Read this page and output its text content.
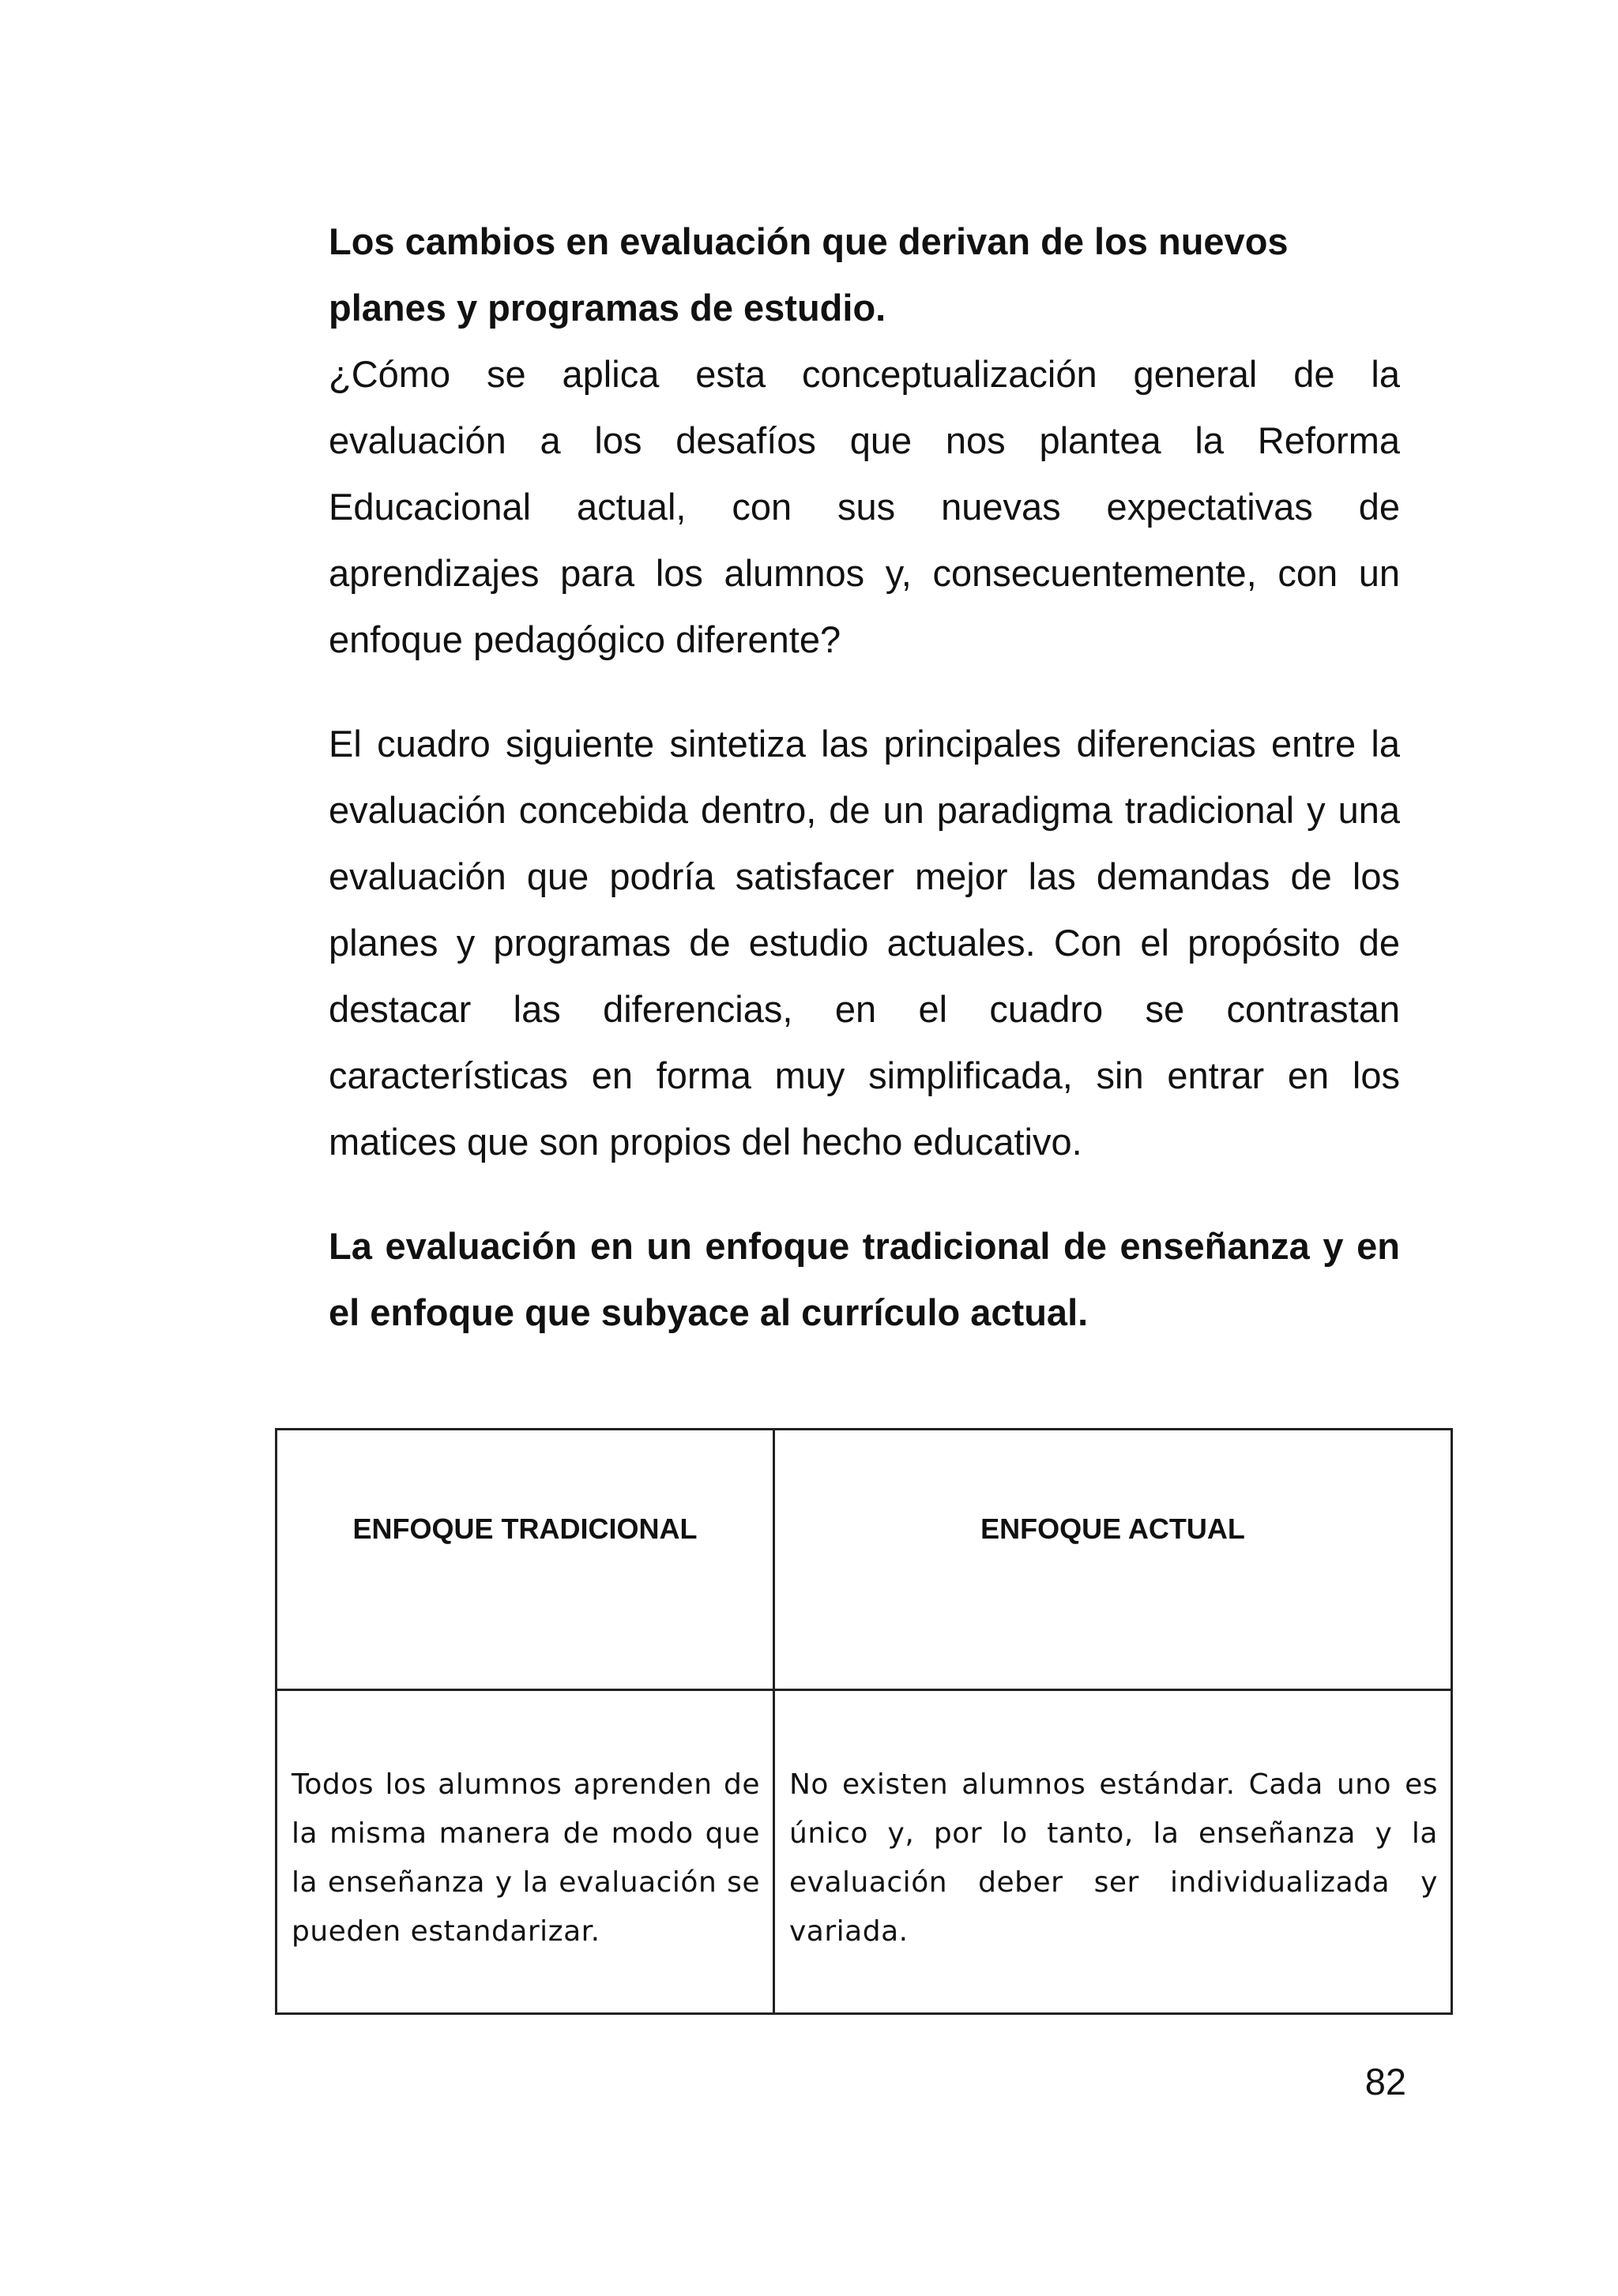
Los cambios en evaluación que derivan de los nuevos planes y programas de estudio.

¿Cómo se aplica esta conceptualización general de la evaluación a los desafíos que nos plantea la Reforma Educacional actual, con sus nuevas expectativas de aprendizajes para los alumnos y, consecuentemente, con un enfoque pedagógico diferente?

El cuadro siguiente sintetiza las principales diferencias entre la evaluación concebida dentro, de un paradigma tradicional y una evaluación que podría satisfacer mejor las demandas de los planes y programas de estudio actuales. Con el propósito de destacar las diferencias, en el cuadro se contrastan características en forma muy simplificada, sin entrar en los matices que son propios del hecho educativo.

La evaluación en un enfoque tradicional de enseñanza y en el enfoque que subyace al currículo actual.

ENFOQUE TRADICIONAL	ENFOQUE ACTUAL
Todos los alumnos aprenden de la misma manera de modo que la enseñanza y la evaluación se pueden estandarizar.	No existen alumnos estándar. Cada uno es único y, por lo tanto, la enseñanza y la evaluación deber ser individualizada y variada.
82
